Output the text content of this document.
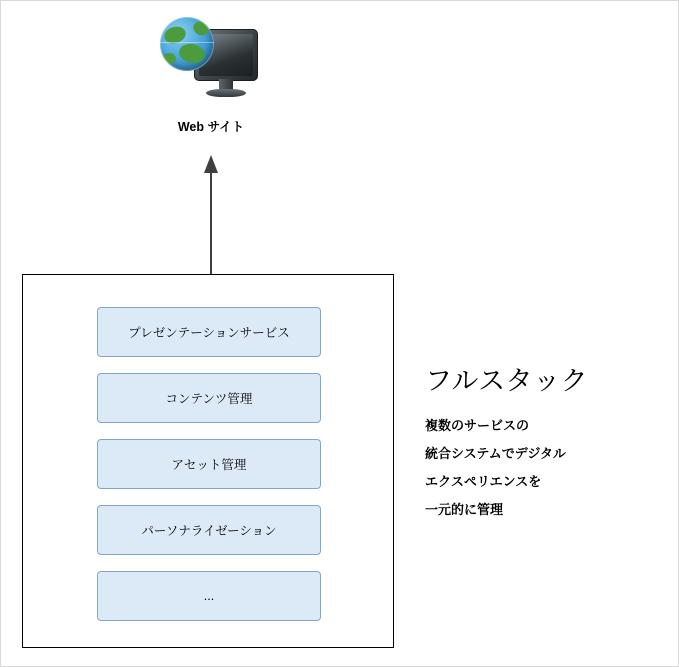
Web サイト
プレゼンテーションサービス
コンテンツ管理
アセット管理
パーソナライゼーション
...
フルスタック
複数のサービスの
統合システムでデジタル
エクスペリエンスを
一元的に管理
